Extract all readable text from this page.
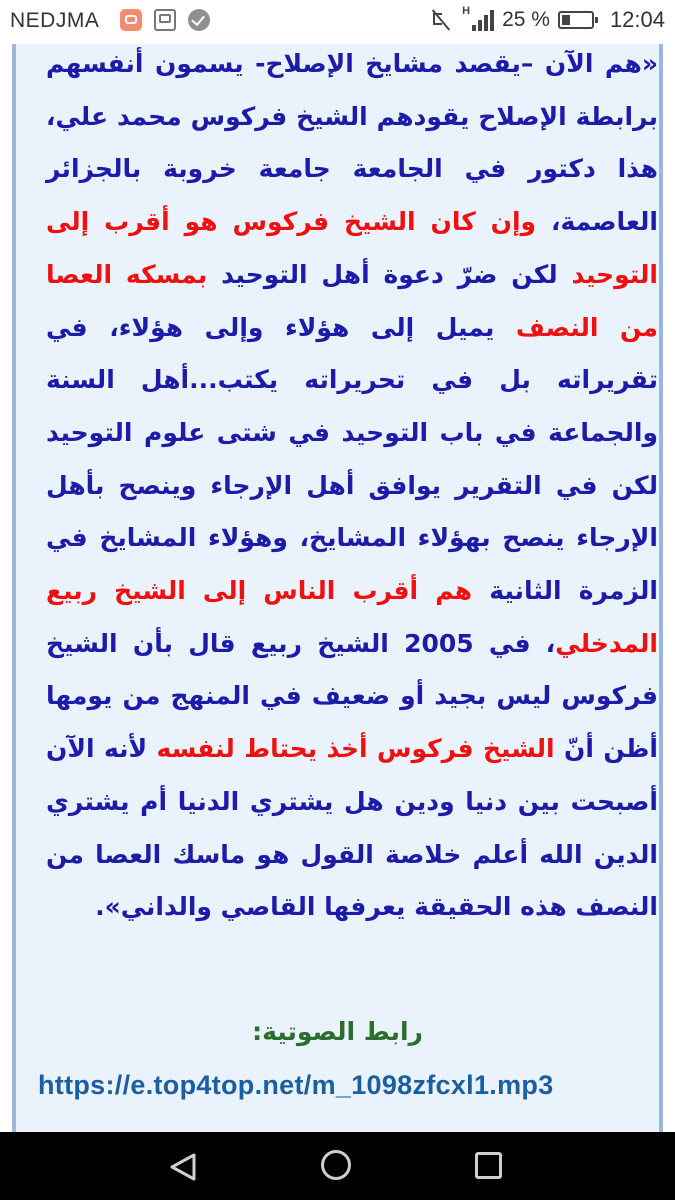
NEDJMA	H 25 %	12:04

«هم الآن –يقصد مشايخ الإصلاح- يسمون أنفسهم برابطة الإصلاح يقودهم الشيخ فركوس محمد علي، هذا دكتور في الجامعة جامعة خروبة بالجزائر العاصمة، وإن كان الشيخ فركوس هو أقرب إلى التوحيد لكن ضرّ دعوة أهل التوحيد بمسكه العصا من النصف يميل إلى هؤلاء وإلى هؤلاء، في تقريراته بل في تحريراته يكتب...أهل السنة والجماعة في باب التوحيد في شتى علوم التوحيد لكن في التقرير يوافق أهل الإرجاء وينصح بأهل الإرجاء ينصح بهؤلاء المشايخ، وهؤلاء المشايخ في الزمرة الثانية هم أقرب الناس إلى الشيخ ربيع المدخلي، في 2005 الشيخ ربيع قال بأن الشيخ فركوس ليس بجيد أو ضعيف في المنهج من يومها أظن أنّ الشيخ فركوس أخذ يحتاط لنفسه لأنه الآن أصبحت بين دنيا ودين هل يشتري الدنيا أم يشتري الدين الله أعلم خلاصة القول هو ماسك العصا من النصف هذه الحقيقة يعرفها القاصي والداني».

رابط الصوتية:
https://e.top4top.net/m_1098zfcxl1.mp3
